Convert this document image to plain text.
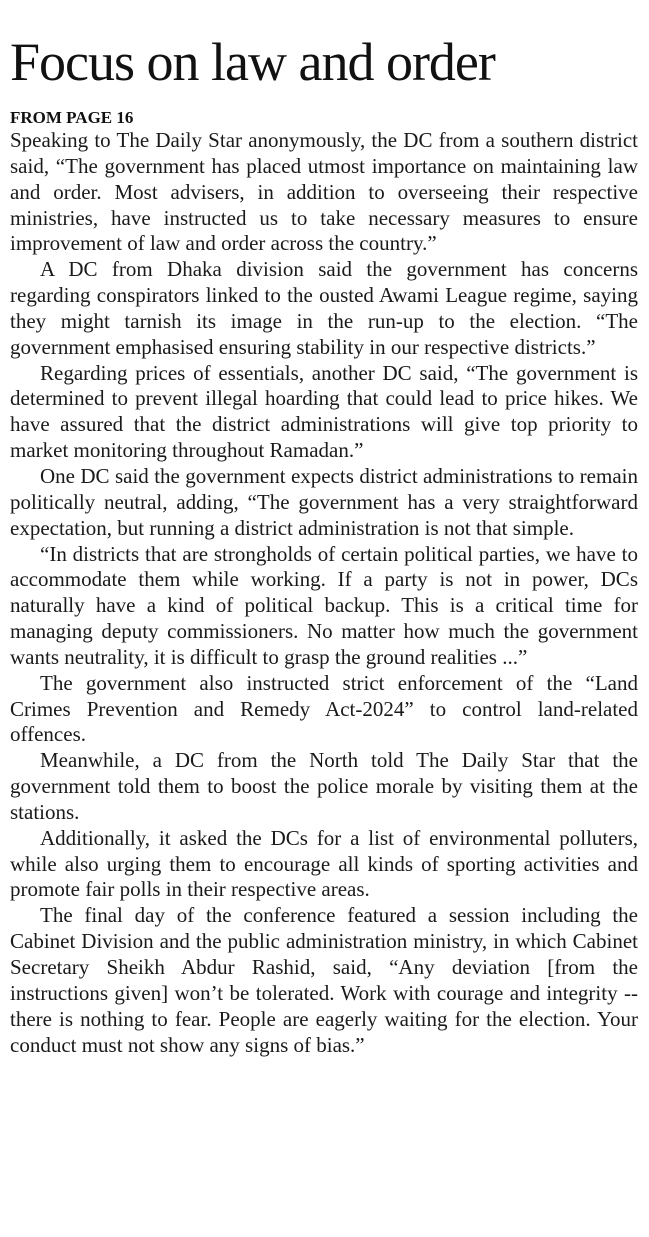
Focus on law and order
FROM PAGE 16

Speaking to The Daily Star anonymously, the DC from a southern district said, “The government has placed utmost importance on maintaining law and order. Most advisers, in addition to overseeing their respective ministries, have instructed us to take necessary measures to ensure improvement of law and order across the country.”

A DC from Dhaka division said the government has concerns regarding conspirators linked to the ousted Awami League regime, saying they might tarnish its image in the run-up to the election. “The government emphasised ensuring stability in our respective districts.”

Regarding prices of essentials, another DC said, “The government is determined to prevent illegal hoarding that could lead to price hikes. We have assured that the district administrations will give top priority to market monitoring throughout Ramadan.”

One DC said the government expects district administrations to remain politically neutral, adding, “The government has a very straightforward expectation, but running a district administration is not that simple.

“In districts that are strongholds of certain political parties, we have to accommodate them while working. If a party is not in power, DCs naturally have a kind of political backup. This is a critical time for managing deputy commissioners. No matter how much the government wants neutrality, it is difficult to grasp the ground realities ...”

The government also instructed strict enforcement of the “Land Crimes Prevention and Remedy Act-2024” to control land-related offences.

Meanwhile, a DC from the North told The Daily Star that the government told them to boost the police morale by visiting them at the stations.

Additionally, it asked the DCs for a list of environmental polluters, while also urging them to encourage all kinds of sporting activities and promote fair polls in their respective areas.

The final day of the conference featured a session including the Cabinet Division and the public administration ministry, in which Cabinet Secretary Sheikh Abdur Rashid, said, “Any deviation [from the instructions given] won’t be tolerated. Work with courage and integrity -- there is nothing to fear. People are eagerly waiting for the election. Your conduct must not show any signs of bias.”
